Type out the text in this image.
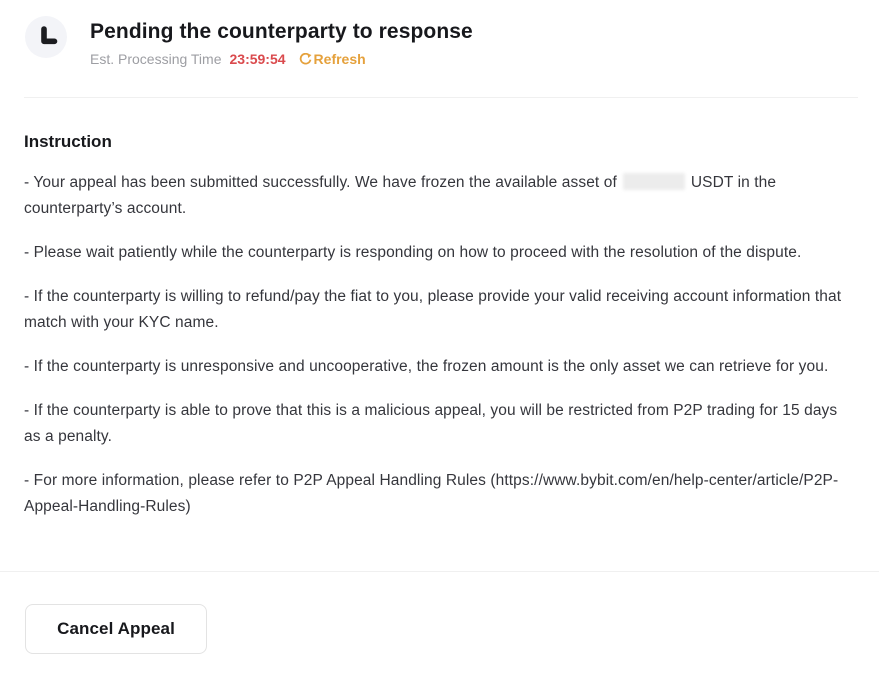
Pending the counterparty to response
Est. Processing Time 23:59:54 Refresh
Instruction

- Your appeal has been submitted successfully. We have frozen the available asset of	USDT in the counterparty’s account.

- Please wait patiently while the counterparty is responding on how to proceed with the resolution of the dispute.

- If the counterparty is willing to refund/pay the fiat to you, please provide your valid receiving account information that match with your KYC name.

- If the counterparty is unresponsive and uncooperative, the frozen amount is the only asset we can retrieve for you.

- If the counterparty is able to prove that this is a malicious appeal, you will be restricted from P2P trading for 15 days as a penalty.

- For more information, please refer to P2P Appeal Handling Rules (https://www.bybit.com/en/help-center/article/P2P-Appeal-Handling-Rules)

Cancel Appeal
